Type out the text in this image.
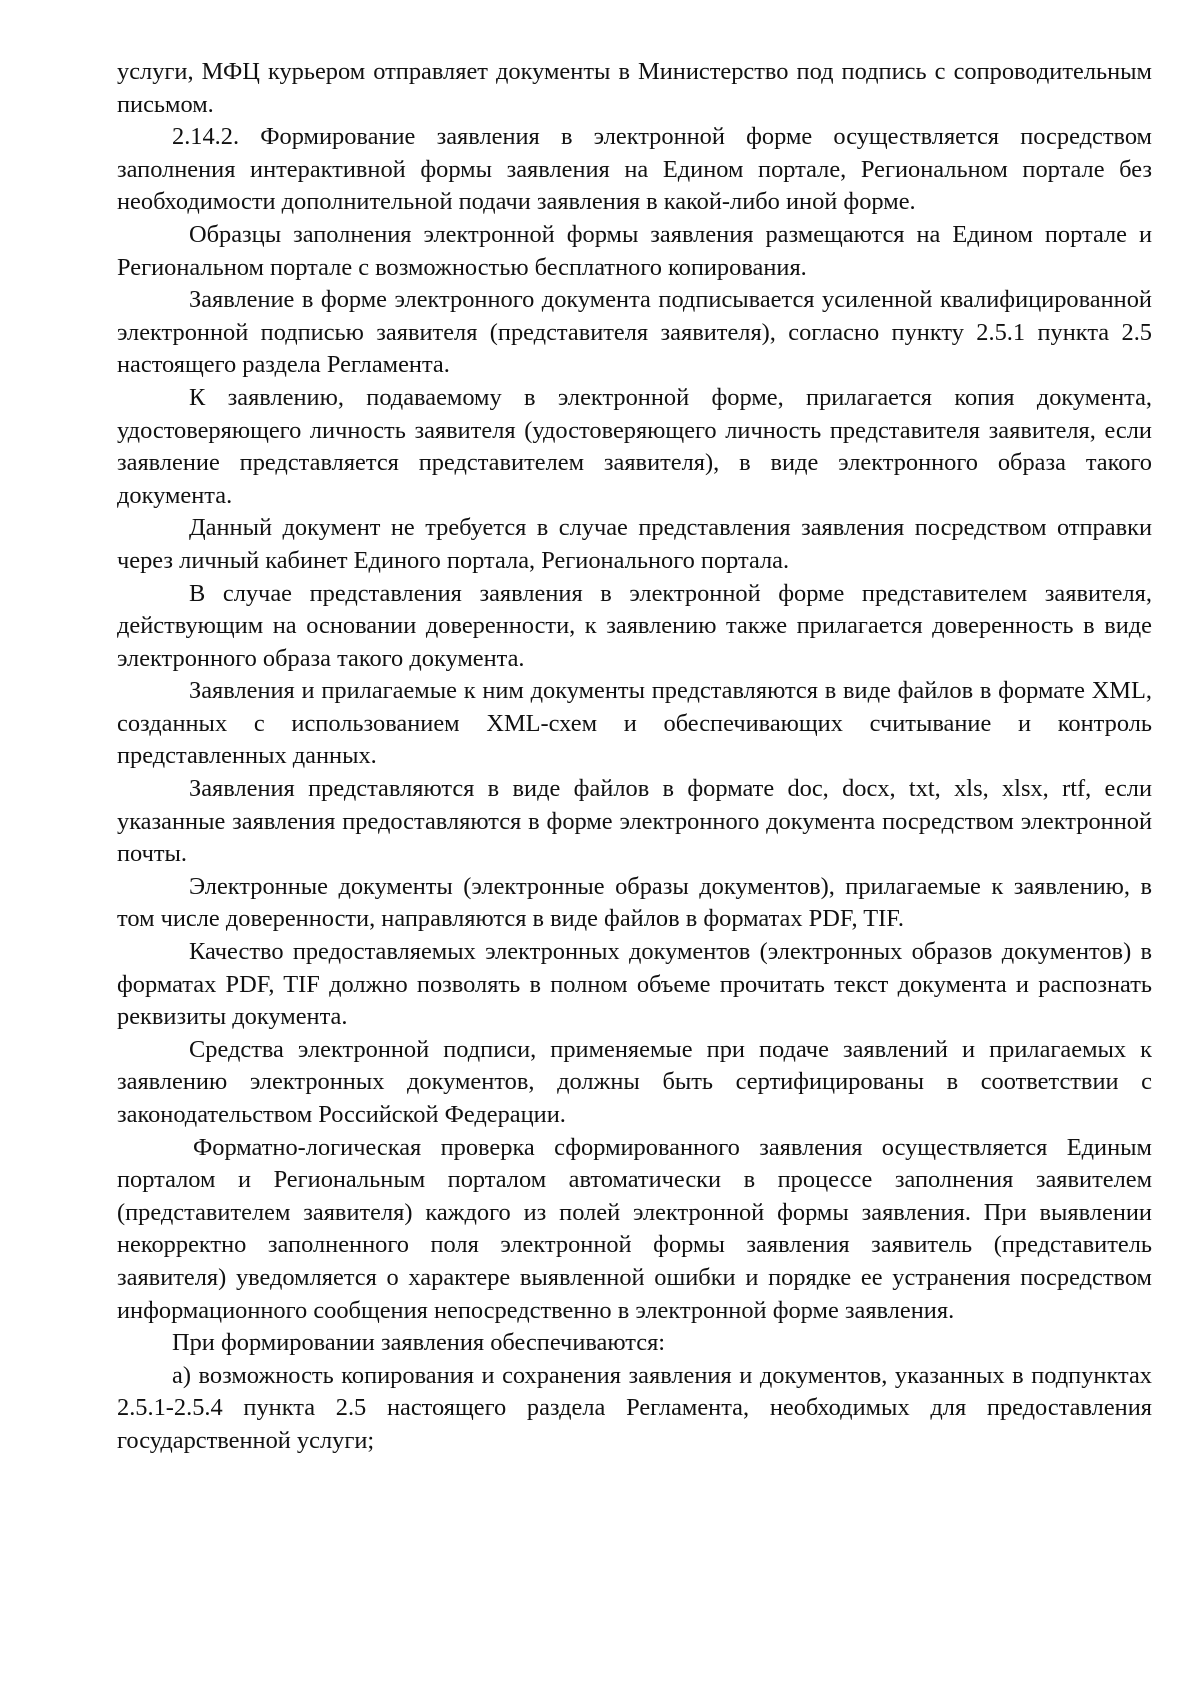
услуги, МФЦ курьером отправляет документы в Министерство под подпись с сопроводительным письмом.

2.14.2. Формирование заявления в электронной форме осуществляется посредством заполнения интерактивной формы заявления на Едином портале, Региональном портале без необходимости дополнительной подачи заявления в какой-либо иной форме.

Образцы заполнения электронной формы заявления размещаются на Едином портале и Региональном портале с возможностью бесплатного копирования.

Заявление в форме электронного документа подписывается усиленной квалифицированной электронной подписью заявителя (представителя заявителя), согласно пункту 2.5.1 пункта 2.5 настоящего раздела Регламента.

К заявлению, подаваемому в электронной форме, прилагается копия документа, удостоверяющего личность заявителя (удостоверяющего личность представителя заявителя, если заявление представляется представителем заявителя), в виде электронного образа такого документа.

Данный документ не требуется в случае представления заявления посредством отправки через личный кабинет Единого портала, Регионального портала.

В случае представления заявления в электронной форме представителем заявителя, действующим на основании доверенности, к заявлению также прилагается доверенность в виде электронного образа такого документа.

Заявления и прилагаемые к ним документы представляются в виде файлов в формате XML, созданных с использованием XML-схем и обеспечивающих считывание и контроль представленных данных.

Заявления представляются в виде файлов в формате doc, docx, txt, xls, xlsx, rtf, если указанные заявления предоставляются в форме электронного документа посредством электронной почты.

Электронные документы (электронные образы документов), прилагаемые к заявлению, в том числе доверенности, направляются в виде файлов в форматах PDF, TIF.

Качество предоставляемых электронных документов (электронных образов документов) в форматах PDF, TIF должно позволять в полном объеме прочитать текст документа и распознать реквизиты документа.

Средства электронной подписи, применяемые при подаче заявлений и прилагаемых к заявлению электронных документов, должны быть сертифицированы в соответствии с законодательством Российской Федерации.

Форматно-логическая проверка сформированного заявления осуществляется Единым порталом и Региональным порталом автоматически в процессе заполнения заявителем (представителем заявителя) каждого из полей электронной формы заявления. При выявлении некорректно заполненного поля электронной формы заявления заявитель (представитель заявителя) уведомляется о характере выявленной ошибки и порядке ее устранения посредством информационного сообщения непосредственно в электронной форме заявления.

При формировании заявления обеспечиваются:

а) возможность копирования и сохранения заявления и документов, указанных в подпунктах 2.5.1-2.5.4 пункта 2.5 настоящего раздела Регламента, необходимых для предоставления государственной услуги;
